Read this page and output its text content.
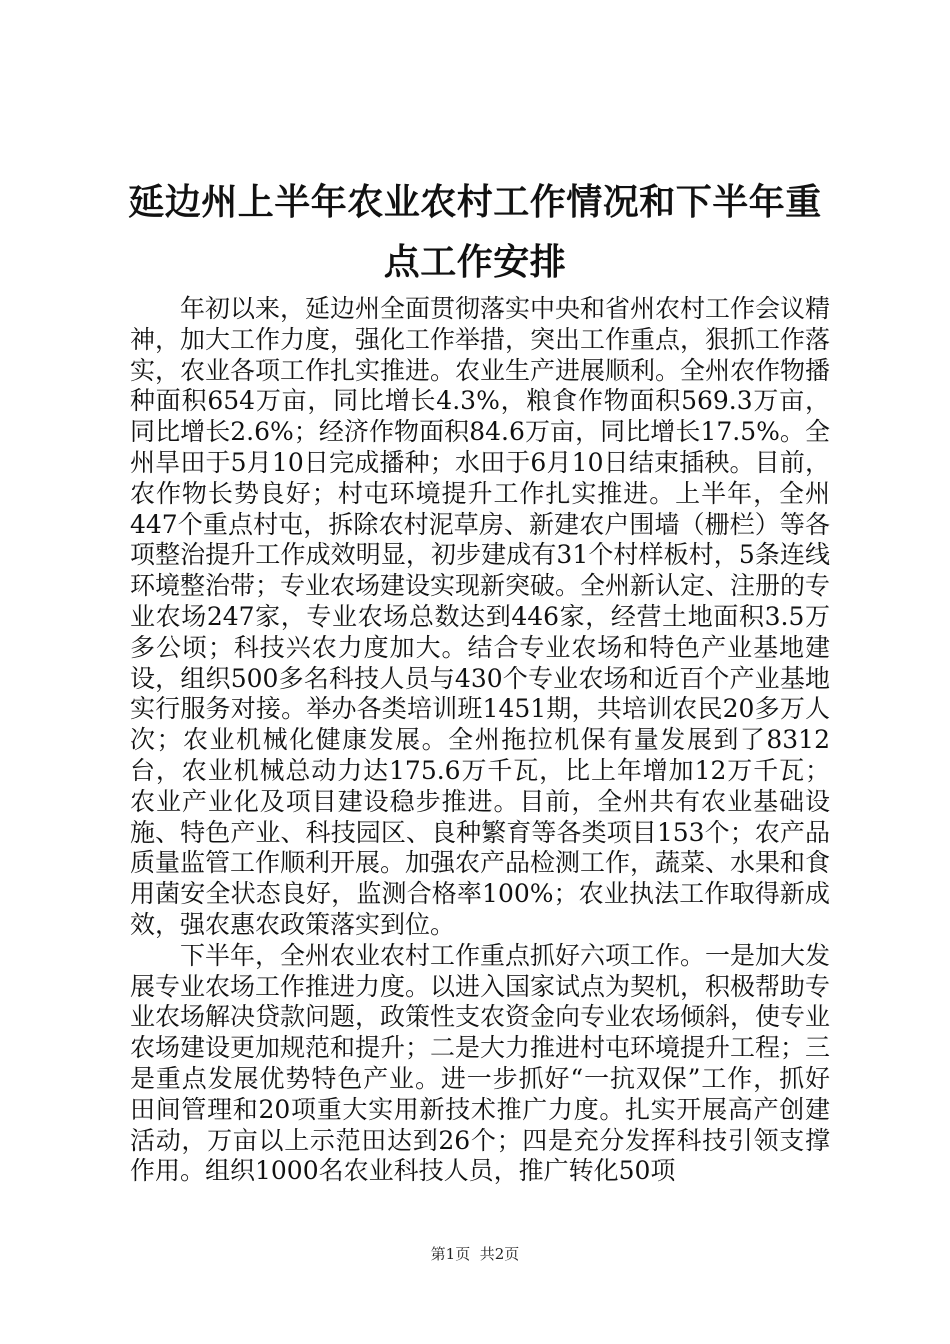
延边州上半年农业农村工作情况和下半年重点工作安排

年初以来，延边州全面贯彻落实中央和省州农村工作会议精神，加大工作力度，强化工作举措，突出工作重点，狠抓工作落实，农业各项工作扎实推进。农业生产进展顺利。全州农作物播种面积654万亩，同比增长4.3%，粮食作物面积569.3万亩，同比增长2.6%；经济作物面积84.6万亩，同比增长17.5%。全州旱田于5月10日完成播种；水田于6月10日结束插秧。目前，农作物长势良好；村屯环境提升工作扎实推进。上半年，全州447个重点村屯，拆除农村泥草房、新建农户围墙（栅栏）等各项整治提升工作成效明显，初步建成有31个村样板村，5条连线环境整治带；专业农场建设实现新突破。全州新认定、注册的专业农场247家，专业农场总数达到446家，经营土地面积3.5万多公顷；科技兴农力度加大。结合专业农场和特色产业基地建设，组织500多名科技人员与430个专业农场和近百个产业基地实行服务对接。举办各类培训班1451期，共培训农民20多万人次；农业机械化健康发展。全州拖拉机保有量发展到了8312台，农业机械总动力达175.6万千瓦，比上年增加12万千瓦；农业产业化及项目建设稳步推进。目前，全州共有农业基础设施、特色产业、科技园区、良种繁育等各类项目153个；农产品质量监管工作顺利开展。加强农产品检测工作，蔬菜、水果和食用菌安全状态良好，监测合格率100%；农业执法工作取得新成效，强农惠农政策落实到位。

下半年，全州农业农村工作重点抓好六项工作。一是加大发展专业农场工作推进力度。以进入国家试点为契机，积极帮助专业农场解决贷款问题，政策性支农资金向专业农场倾斜，使专业农场建设更加规范和提升；二是大力推进村屯环境提升工程；三是重点发展优势特色产业。进一步抓好“一抗双保”工作，抓好田间管理和20项重大实用新技术推广力度。扎实开展高产创建活动，万亩以上示范田达到26个；四是充分发挥科技引领支撑作用。组织1000名农业科技人员，推广转化50项

第1页 共2页
